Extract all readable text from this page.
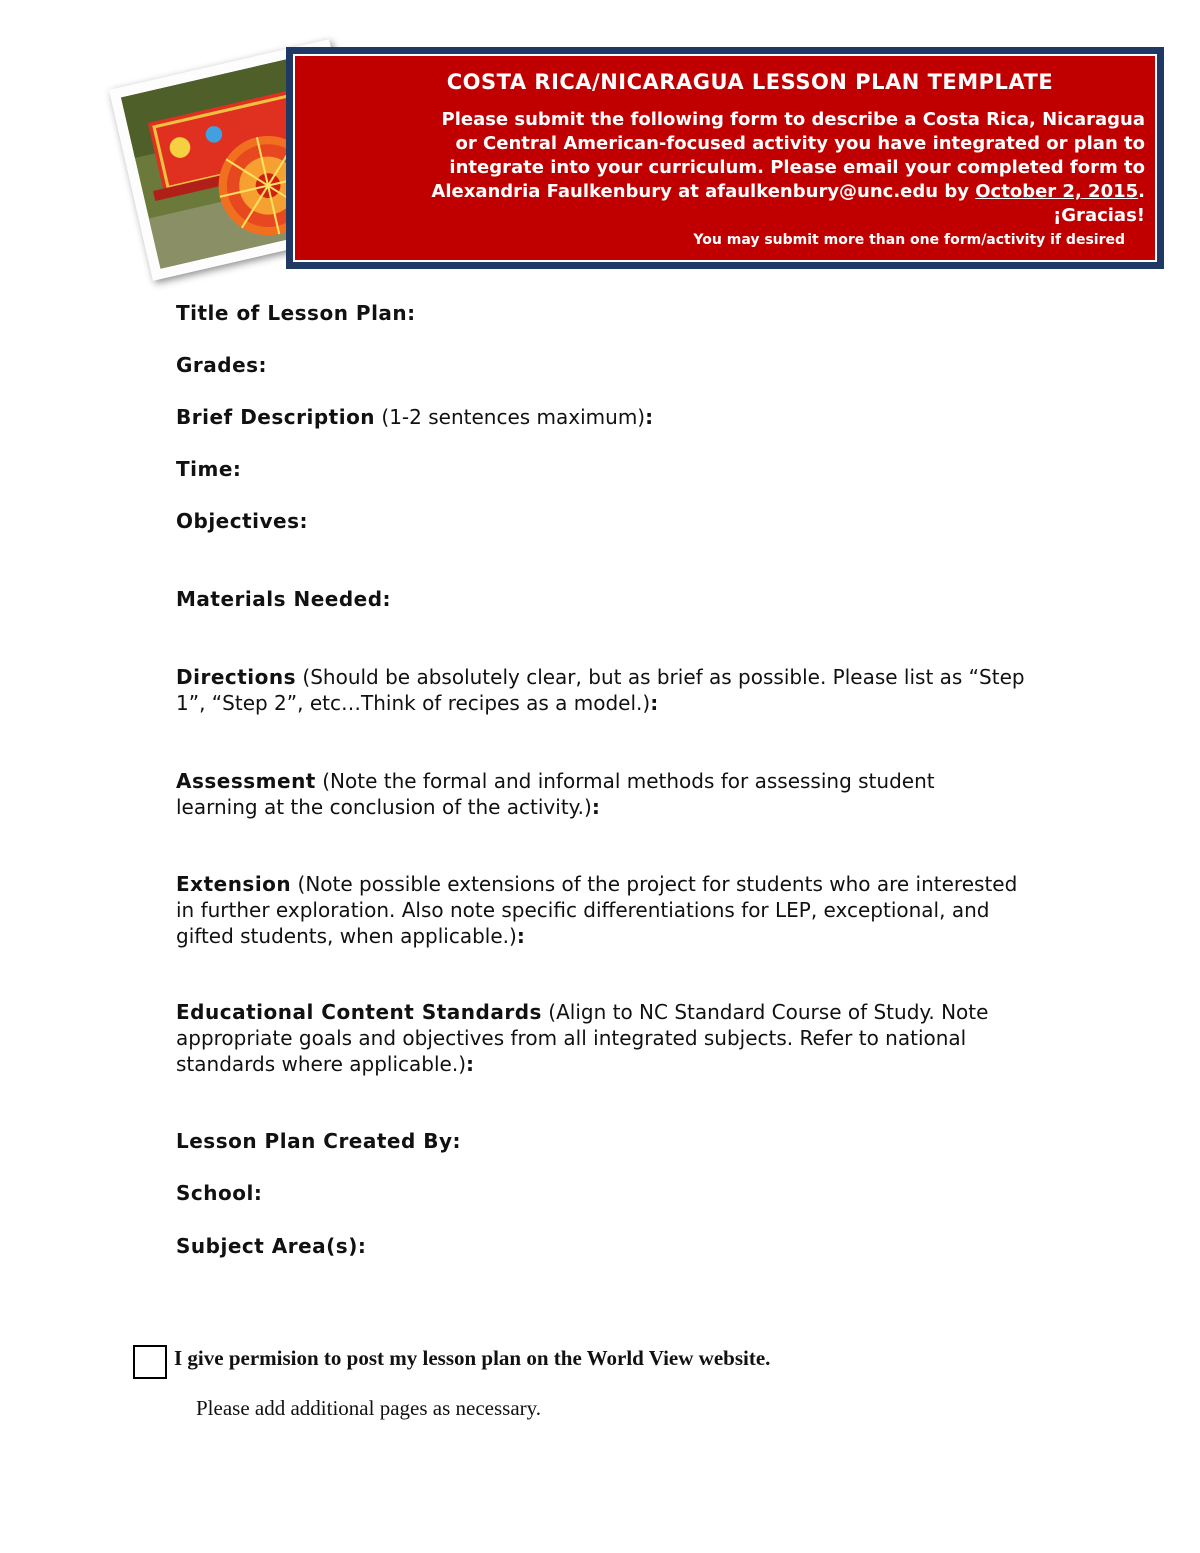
COSTA RICA/NICARAGUA LESSON PLAN TEMPLATE
Please submit the following form to describe a Costa Rica, Nicaragua
or Central American-focused activity you have integrated or plan to
integrate into your curriculum. Please email your completed form to
Alexandria Faulkenbury at afaulkenbury@unc.edu by October 2, 2015.
¡Gracias!
You may submit more than one form/activity if desired
Title of Lesson Plan:
Grades:
Brief Description (1-2 sentences maximum):
Time:
Objectives:
Materials Needed:
Directions (Should be absolutely clear, but as brief as possible. Please list as “Step 1”, “Step 2”, etc…Think of recipes as a model.):
Assessment (Note the formal and informal methods for assessing student learning at the conclusion of the activity.):
Extension (Note possible extensions of the project for students who are interested in further exploration. Also note specific differentiations for LEP, exceptional, and gifted students, when applicable.):
Educational Content Standards (Align to NC Standard Course of Study. Note appropriate goals and objectives from all integrated subjects. Refer to national standards where applicable.):
Lesson Plan Created By:
School:
Subject Area(s):
I give permision to post my lesson plan on the World View website.
Please add additional pages as necessary.
